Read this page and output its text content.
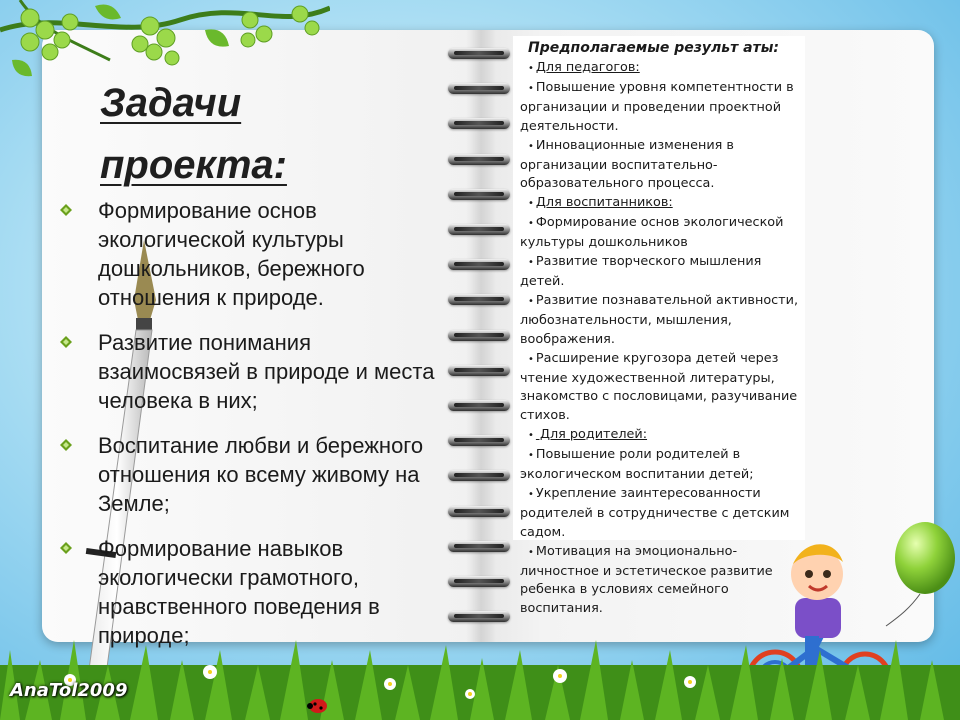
Задачи проекта:
Формирование основ экологической культуры дошкольников, бережного отношения к природе.
Развитие понимания взаимосвязей в природе и места человека в них;
Воспитание любви и бережного отношения ко всему живому на Земле;
Формирование навыков экологически грамотного, нравственного поведения в природе;

Предполагаемые результ аты:

• Для педагогов:

• Повышение уровня компетентности в организации и проведении проектной деятельности.

• Инновационные изменения в организации воспитательно-образовательного процесса.

• Для воспитанников:

• Формирование основ экологической культуры дошкольников

• Развитие творческого мышления детей.

• Развитие познавательной активности, любознательности, мышления, воображения.

• Расширение кругозора детей через чтение художественной литературы, знакомство с пословицами, разучивание стихов.

• Для родителей:

• Повышение роли родителей в экологическом воспитании детей;

• Укрепление заинтересованности родителей в сотрудничестве с детским садом.

• Мотивация на эмоционально-личностное и эстетическое развитие ребенка в условиях семейного воспитания.

AnaTol2009
